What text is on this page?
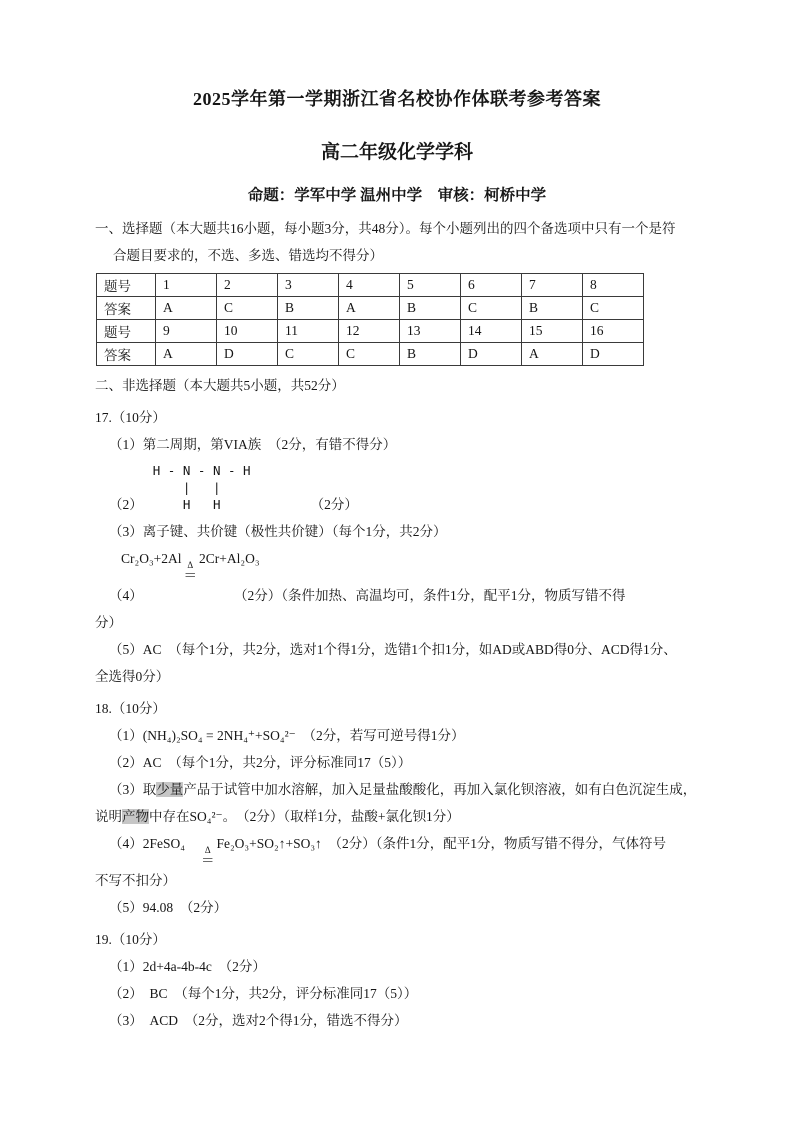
2025学年第一学期浙江省名校协作体联考参考答案

高二年级化学学科

命题：学军中学 温州中学　审核：柯桥中学

一、选择题（本大题共16小题，每小题3分，共48分）。每个小题列出的四个备选项中只有一个是符
合题目要求的，不选、多选、错选均不得分）

题号	1	2	3	4	5	6	7	8
答案	A	C	B	A	B	C	B	C
题号	9	10	11	12	13	14	15	16
答案	A	D	C	C	B	D	A	D

二、非选择题（本大题共5小题，共52分）

17.（10分）

（1）第二周期，第VIA族　（2分，有错不得分）

（2）H - N - N - H
|   |
H   H	（2分）

（3）离子键、共价键（极性共价键）（每个1分，共2分）

Cr₂O₃+2Al Δ
＝
2Cr+Al₂O₃

（4）	（2分）（条件加热、高温均可，条件1分，配平1分，物质写错不得
分）

（5）AC　（每个1分，共2分，选对1个得1分，选错1个扣1分，如AD或ABD得0分、ACD得1分、
全选得0分）

18.（10分）

（1）(NH₄)₂SO₄ = 2NH₄⁺+SO₄²⁻　（2分，若写可逆号得1分）

（2）AC　（每个1分，共2分，评分标准同17（5））

（3）取少量产品于试管中加水溶解，加入足量盐酸酸化，再加入氯化钡溶液，如有白色沉淀生成，
说明产物中存在SO₄²⁻。　（2分）（取样1分，盐酸+氯化钡1分）

（4）2FeSO₄	Δ
＝
Fe₂O₃+SO₂↑+SO₃↑　（2分）（条件1分，配平1分，物质写错不得分，气体符号
不写不扣分）

（5）94.08　（2分）

19.（10分）

（1）2d+4a-4b-4c　（2分）

（2）　BC　（每个1分，共2分，评分标准同17（5））

（3）　ACD　（2分，选对2个得1分，错选不得分）
